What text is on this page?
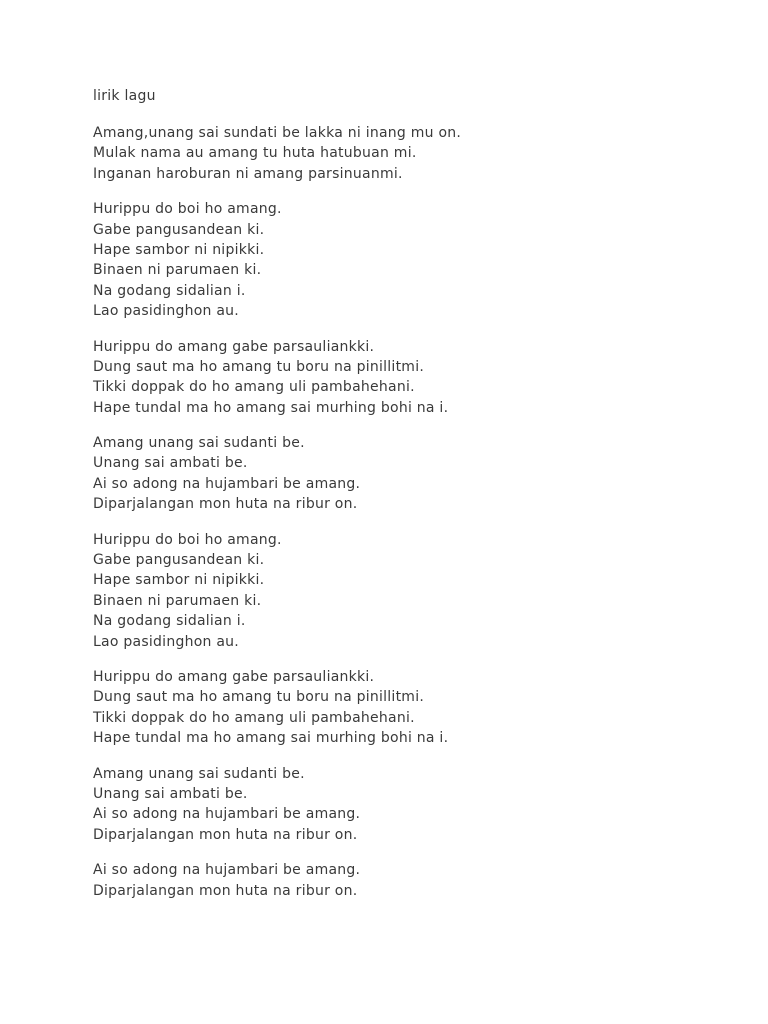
lirik lagu
Amang,unang sai sundati be lakka ni inang mu on.
Mulak nama au amang tu huta hatubuan mi.
Inganan haroburan ni amang parsinuanmi.
Hurippu do boi ho amang.
Gabe pangusandean ki.
Hape sambor ni nipikki.
Binaen ni parumaen ki.
Na godang sidalian i.
Lao pasidinghon au.
Hurippu do amang gabe parsauliankki.
Dung saut ma ho amang tu boru na pinillitmi.
Tikki doppak do ho amang uli pambahehani.
Hape tundal ma ho amang sai murhing bohi na i.
Amang unang sai sudanti be.
Unang sai ambati be.
Ai so adong na hujambari be amang.
Diparjalangan mon huta na ribur on.
Hurippu do boi ho amang.
Gabe pangusandean ki.
Hape sambor ni nipikki.
Binaen ni parumaen ki.
Na godang sidalian i.
Lao pasidinghon au.
Hurippu do amang gabe parsauliankki.
Dung saut ma ho amang tu boru na pinillitmi.
Tikki doppak do ho amang uli pambahehani.
Hape tundal ma ho amang sai murhing bohi na i.
Amang unang sai sudanti be.
Unang sai ambati be.
Ai so adong na hujambari be amang.
Diparjalangan mon huta na ribur on.
Ai so adong na hujambari be amang.
Diparjalangan mon huta na ribur on.
